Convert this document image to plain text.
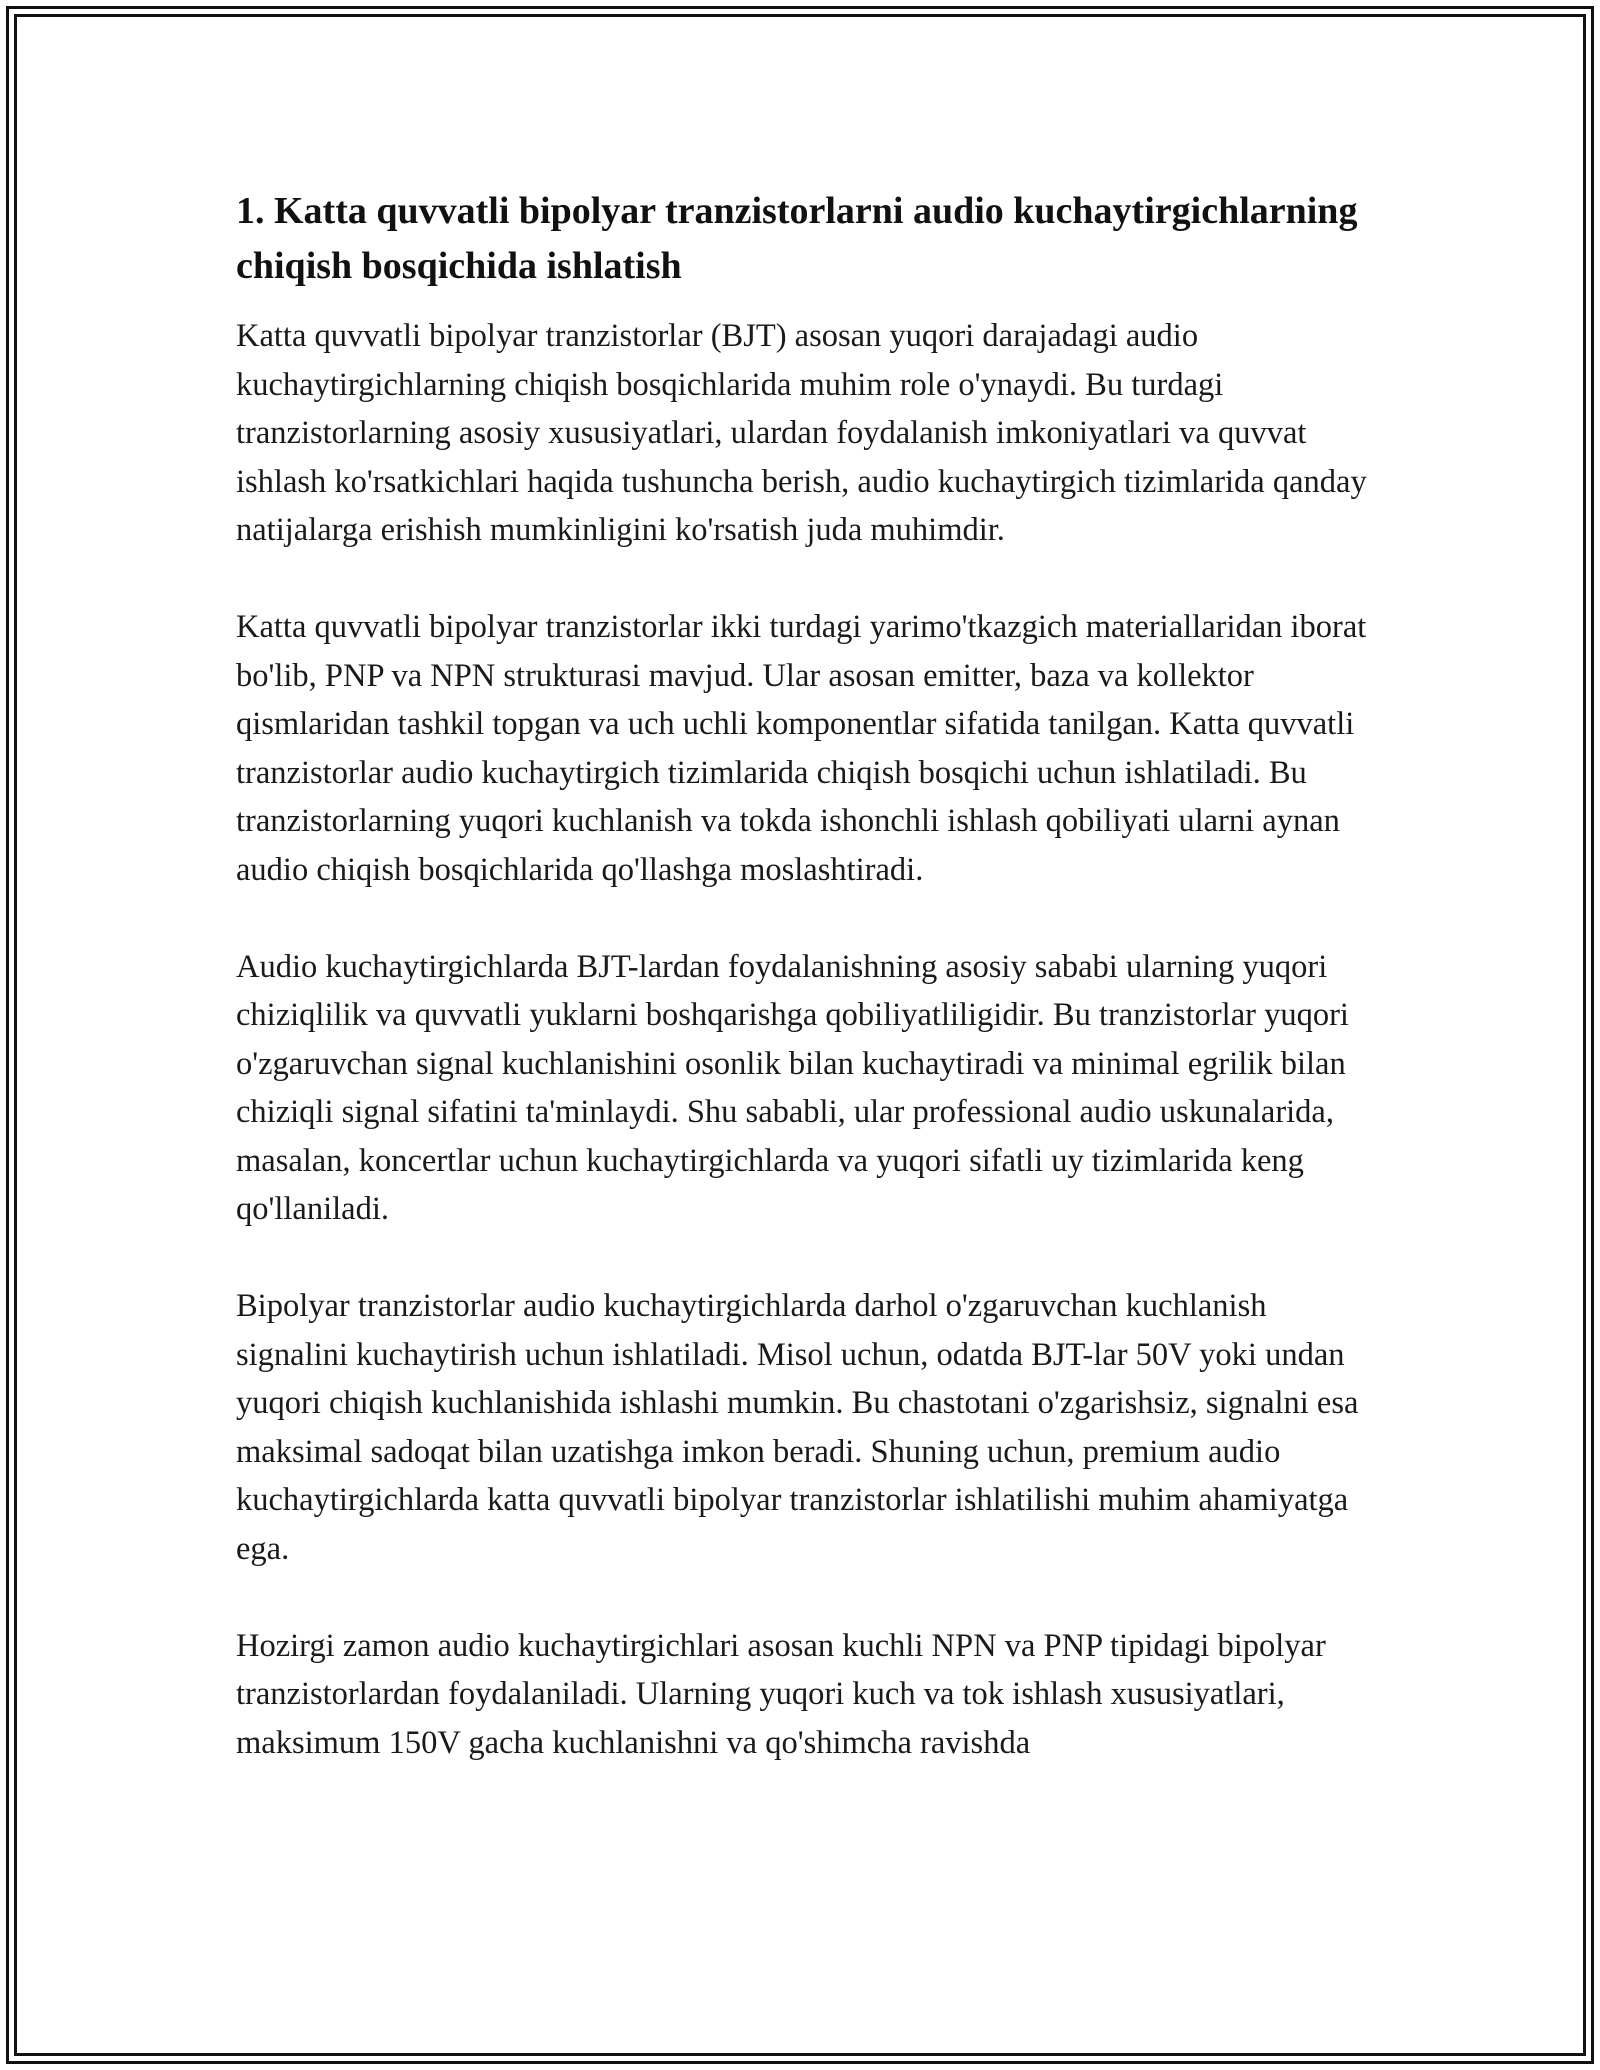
1. Katta quvvatli bipolyar tranzistorlarni audio kuchaytirgichlarning chiqish bosqichida ishlatish

Katta quvvatli bipolyar tranzistorlar (BJT) asosan yuqori darajadagi audio kuchaytirgichlarning chiqish bosqichlarida muhim role o'ynaydi. Bu turdagi tranzistorlarning asosiy xususiyatlari, ulardan foydalanish imkoniyatlari va quvvat ishlash ko'rsatkichlari haqida tushuncha berish, audio kuchaytirgich tizimlarida qanday natijalarga erishish mumkinligini ko'rsatish juda muhimdir.

Katta quvvatli bipolyar tranzistorlar ikki turdagi yarimo'tkazgich materiallaridan iborat bo'lib, PNP va NPN strukturasi mavjud. Ular asosan emitter, baza va kollektor qismlaridan tashkil topgan va uch uchli komponentlar sifatida tanilgan. Katta quvvatli tranzistorlar audio kuchaytirgich tizimlarida chiqish bosqichi uchun ishlatiladi. Bu tranzistorlarning yuqori kuchlanish va tokda ishonchli ishlash qobiliyati ularni aynan audio chiqish bosqichlarida qo'llashga moslashtiradi.

Audio kuchaytirgichlarda BJT-lardan foydalanishning asosiy sababi ularning yuqori chiziqlilik va quvvatli yuklarni boshqarishga qobiliyatliligidir. Bu tranzistorlar yuqori o'zgaruvchan signal kuchlanishini osonlik bilan kuchaytiradi va minimal egrilik bilan chiziqli signal sifatini ta'minlaydi. Shu sababli, ular professional audio uskunalarida, masalan, koncertlar uchun kuchaytirgichlarda va yuqori sifatli uy tizimlarida keng qo'llaniladi.

Bipolyar tranzistorlar audio kuchaytirgichlarda darhol o'zgaruvchan kuchlanish signalini kuchaytirish uchun ishlatiladi. Misol uchun, odatda BJT-lar 50V yoki undan yuqori chiqish kuchlanishida ishlashi mumkin. Bu chastotani o'zgarishsiz, signalni esa maksimal sadoqat bilan uzatishga imkon beradi. Shuning uchun, premium audio kuchaytirgichlarda katta quvvatli bipolyar tranzistorlar ishlatilishi muhim ahamiyatga ega.

Hozirgi zamon audio kuchaytirgichlari asosan kuchli NPN va PNP tipidagi bipolyar tranzistorlardan foydalaniladi. Ularning yuqori kuch va tok ishlash xususiyatlari, maksimum 150V gacha kuchlanishni va qo'shimcha ravishda
